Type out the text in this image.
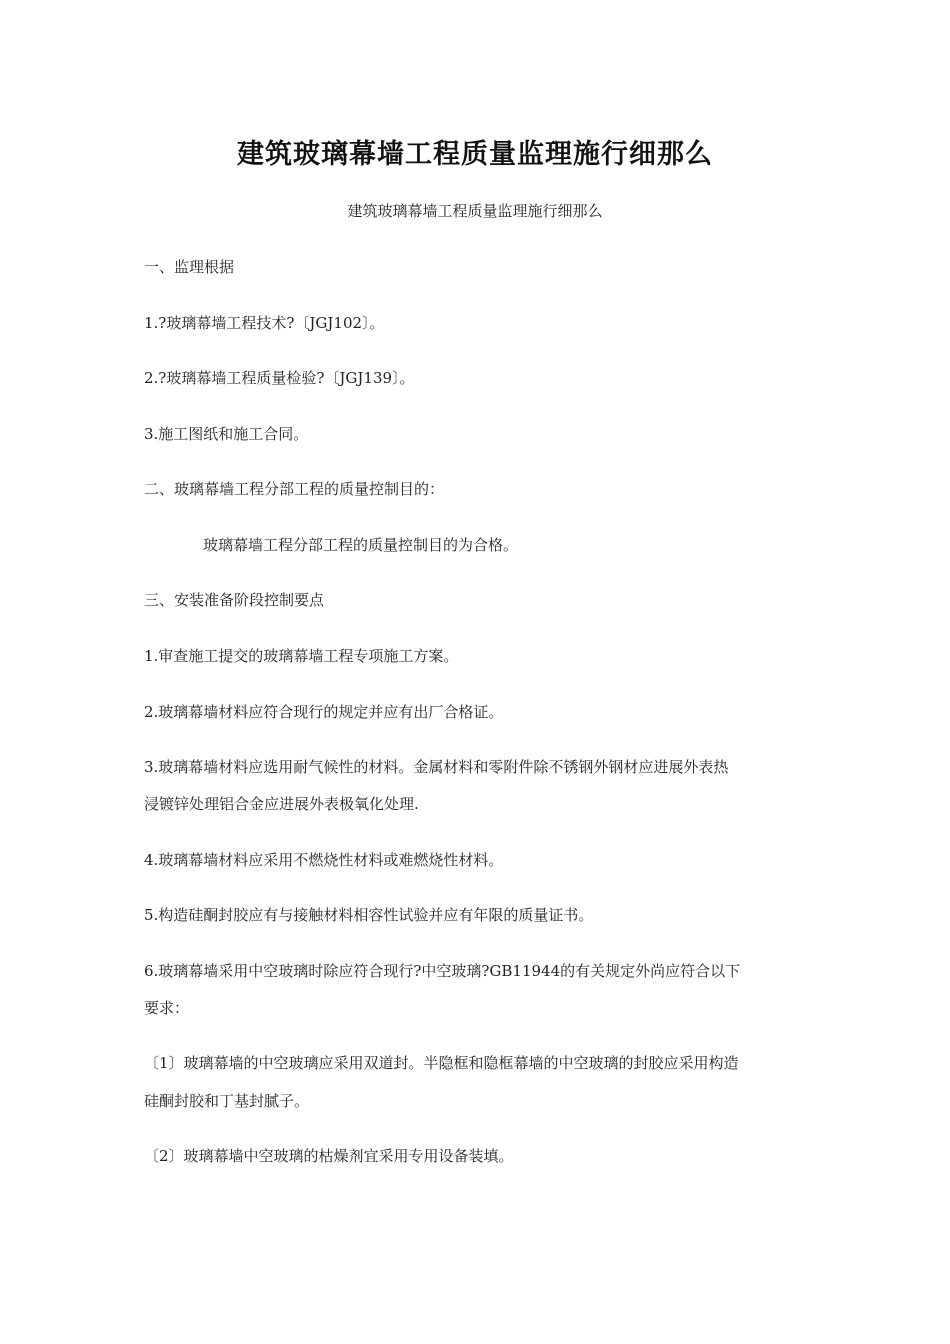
建筑玻璃幕墙工程质量监理施行细那么
建筑玻璃幕墙工程质量监理施行细那么
一、监理根据
1.?玻璃幕墙工程技术?〔JGJ102〕。
2.?玻璃幕墙工程质量检验?〔JGJ139〕。
3.施工图纸和施工合同。
二、玻璃幕墙工程分部工程的质量控制目的：
玻璃幕墙工程分部工程的质量控制目的为合格。
三、安装准备阶段控制要点
1.审查施工提交的玻璃幕墙工程专项施工方案。
2.玻璃幕墙材料应符合现行的规定并应有出厂合格证。
3.玻璃幕墙材料应选用耐气候性的材料。金属材料和零附件除不锈钢外钢材应进展外表热
浸镀锌处理铝合金应进展外表极氧化处理.
4.玻璃幕墙材料应采用不燃烧性材料或难燃烧性材料。
5.构造硅酮封胶应有与接触材料相容性试验并应有年限的质量证书。
6.玻璃幕墙采用中空玻璃时除应符合现行?中空玻璃?GB11944的有关规定外尚应符合以下
要求：
〔1〕玻璃幕墙的中空玻璃应采用双道封。半隐框和隐框幕墙的中空玻璃的封胶应采用构造
硅酮封胶和丁基封腻子。
〔2〕玻璃幕墙中空玻璃的枯燥剂宜采用专用设备装填。
